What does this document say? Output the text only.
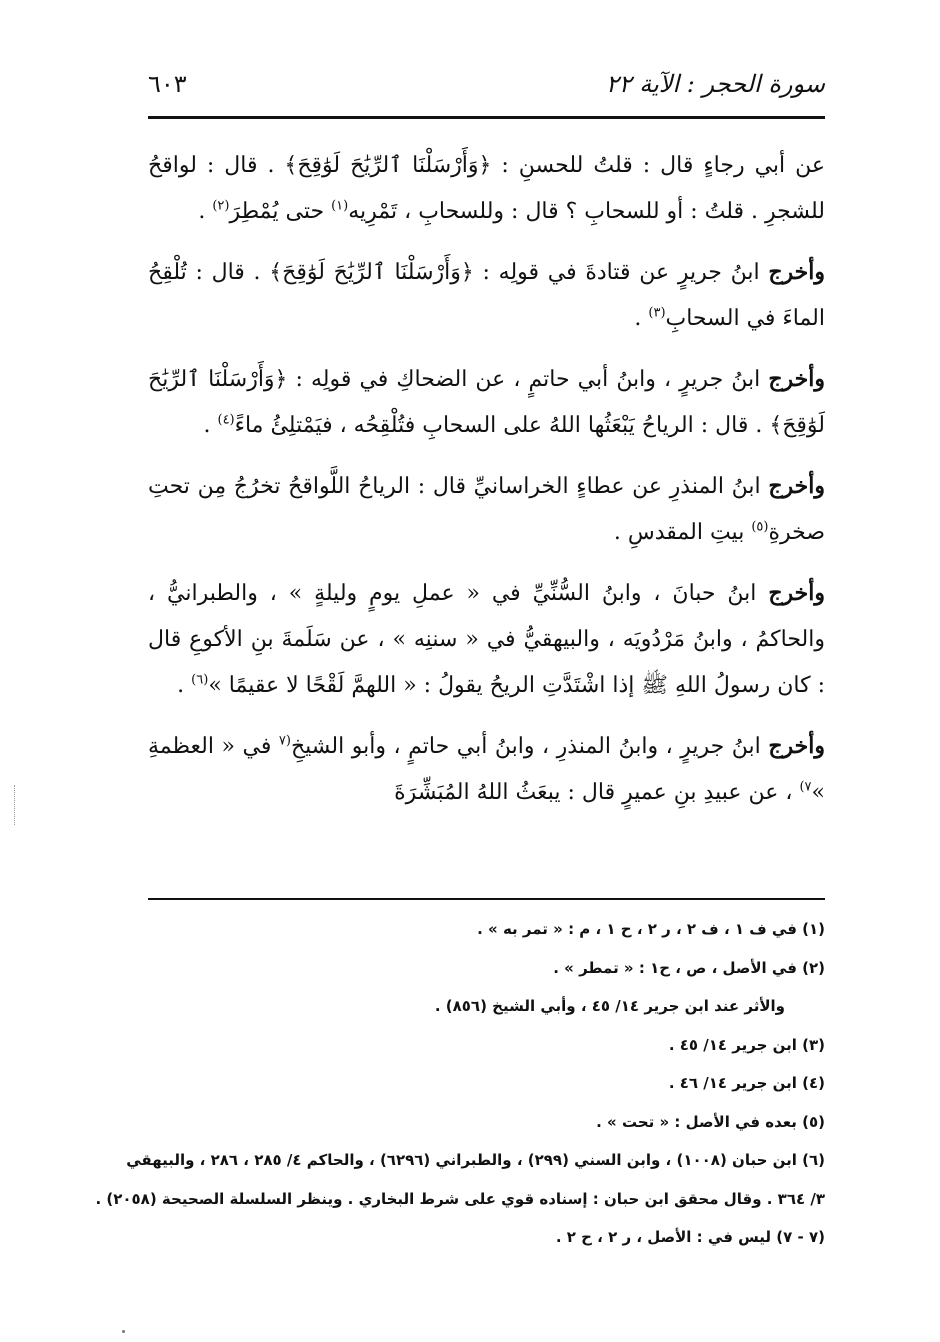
سورة الحجر : الآية ٢٢
٦٠٣

عن أبي رجاءٍ قال : قلتُ للحسنِ : ﴿وَأَرْسَلْنَا ٱلرِّيَٰحَ لَوَٰقِحَ﴾ . قال : لواقحُ للشجرِ . قلتُ : أو للسحابِ ؟ قال : وللسحابِ ، تَمْرِيه$^{(١)}$ حتى يُمْطِرَ$^{(٢)}$ .

وأخرج ابنُ جريرٍ عن قتادةَ في قولِه : ﴿وَأَرْسَلْنَا ٱلرِّيَٰحَ لَوَٰقِحَ﴾ . قال : تُلْقِحُ الماءَ في السحابِ$^{(٣)}$ .

وأخرج ابنُ جريرٍ ، وابنُ أبي حاتمٍ ، عن الضحاكِ في قولِه : ﴿وَأَرْسَلْنَا ٱلرِّيَٰحَ لَوَٰقِحَ﴾ . قال : الرياحُ يَبْعَثُها اللهُ على السحابِ فتُلْقِحُه ، فيَمْتلِئُ ماءً$^{(٤)}$ .

وأخرج ابنُ المنذرِ عن عطاءٍ الخراسانيِّ قال : الرياحُ اللَّواقحُ تخرُجُ مِن تحتِ صخرةِ$^{(٥)}$ بيتِ المقدسِ .

وأخرج ابنُ حبانَ ، وابنُ السُّنِّيِّ في « عملِ يومٍ وليلةٍ » ، والطبرانيُّ ، والحاكمُ ، وابنُ مَرْدُويَه ، والبيهقيُّ في « سننِه » ، عن سَلَمةَ بنِ الأكوعِ قال : كان رسولُ اللهِ ﷺ إذا اشْتَدَّتِ الريحُ يقولُ : « اللهمَّ لَقْحًا لا عقيمًا »$^{(٦)}$ .

وأخرج ابنُ جريرٍ ، وابنُ المنذرِ ، وابنُ أبي حاتمٍ ، وأبو الشيخِ$^{(٧}$ في « العظمةِ »$^{٧)}$ ، عن عبيدِ بنِ عميرٍ قال : يبعَثُ اللهُ المُبَشِّرَةَ

(١) في ف ١ ، ف ٢ ، ر ٢ ، ح ١ ، م : « تمر به » .
(٢) في الأصل ، ص ، ح١ : « تمطر » .
والأثر عند ابن جرير ١٤/ ٤٥ ، وأبي الشيخ (٨٥٦) .
(٣) ابن جرير ١٤/ ٤٥ .
(٤) ابن جرير ١٤/ ٤٦ .
(٥) بعده في الأصل : « تحت » .
(٦) ابن حبان (١٠٠٨) ، وابن السني (٢٩٩) ، والطبراني (٦٢٩٦) ، والحاكم ٤/ ٢٨٥ ، ٢٨٦ ، والبيهقي
٣/ ٣٦٤ . وقال محقق ابن حبان : إسناده قوي على شرط البخاري . وينظر السلسلة الصحيحة (٢٠٥٨) .
(٧ - ٧) ليس في : الأصل ، ر ٢ ، ح ٢ .
